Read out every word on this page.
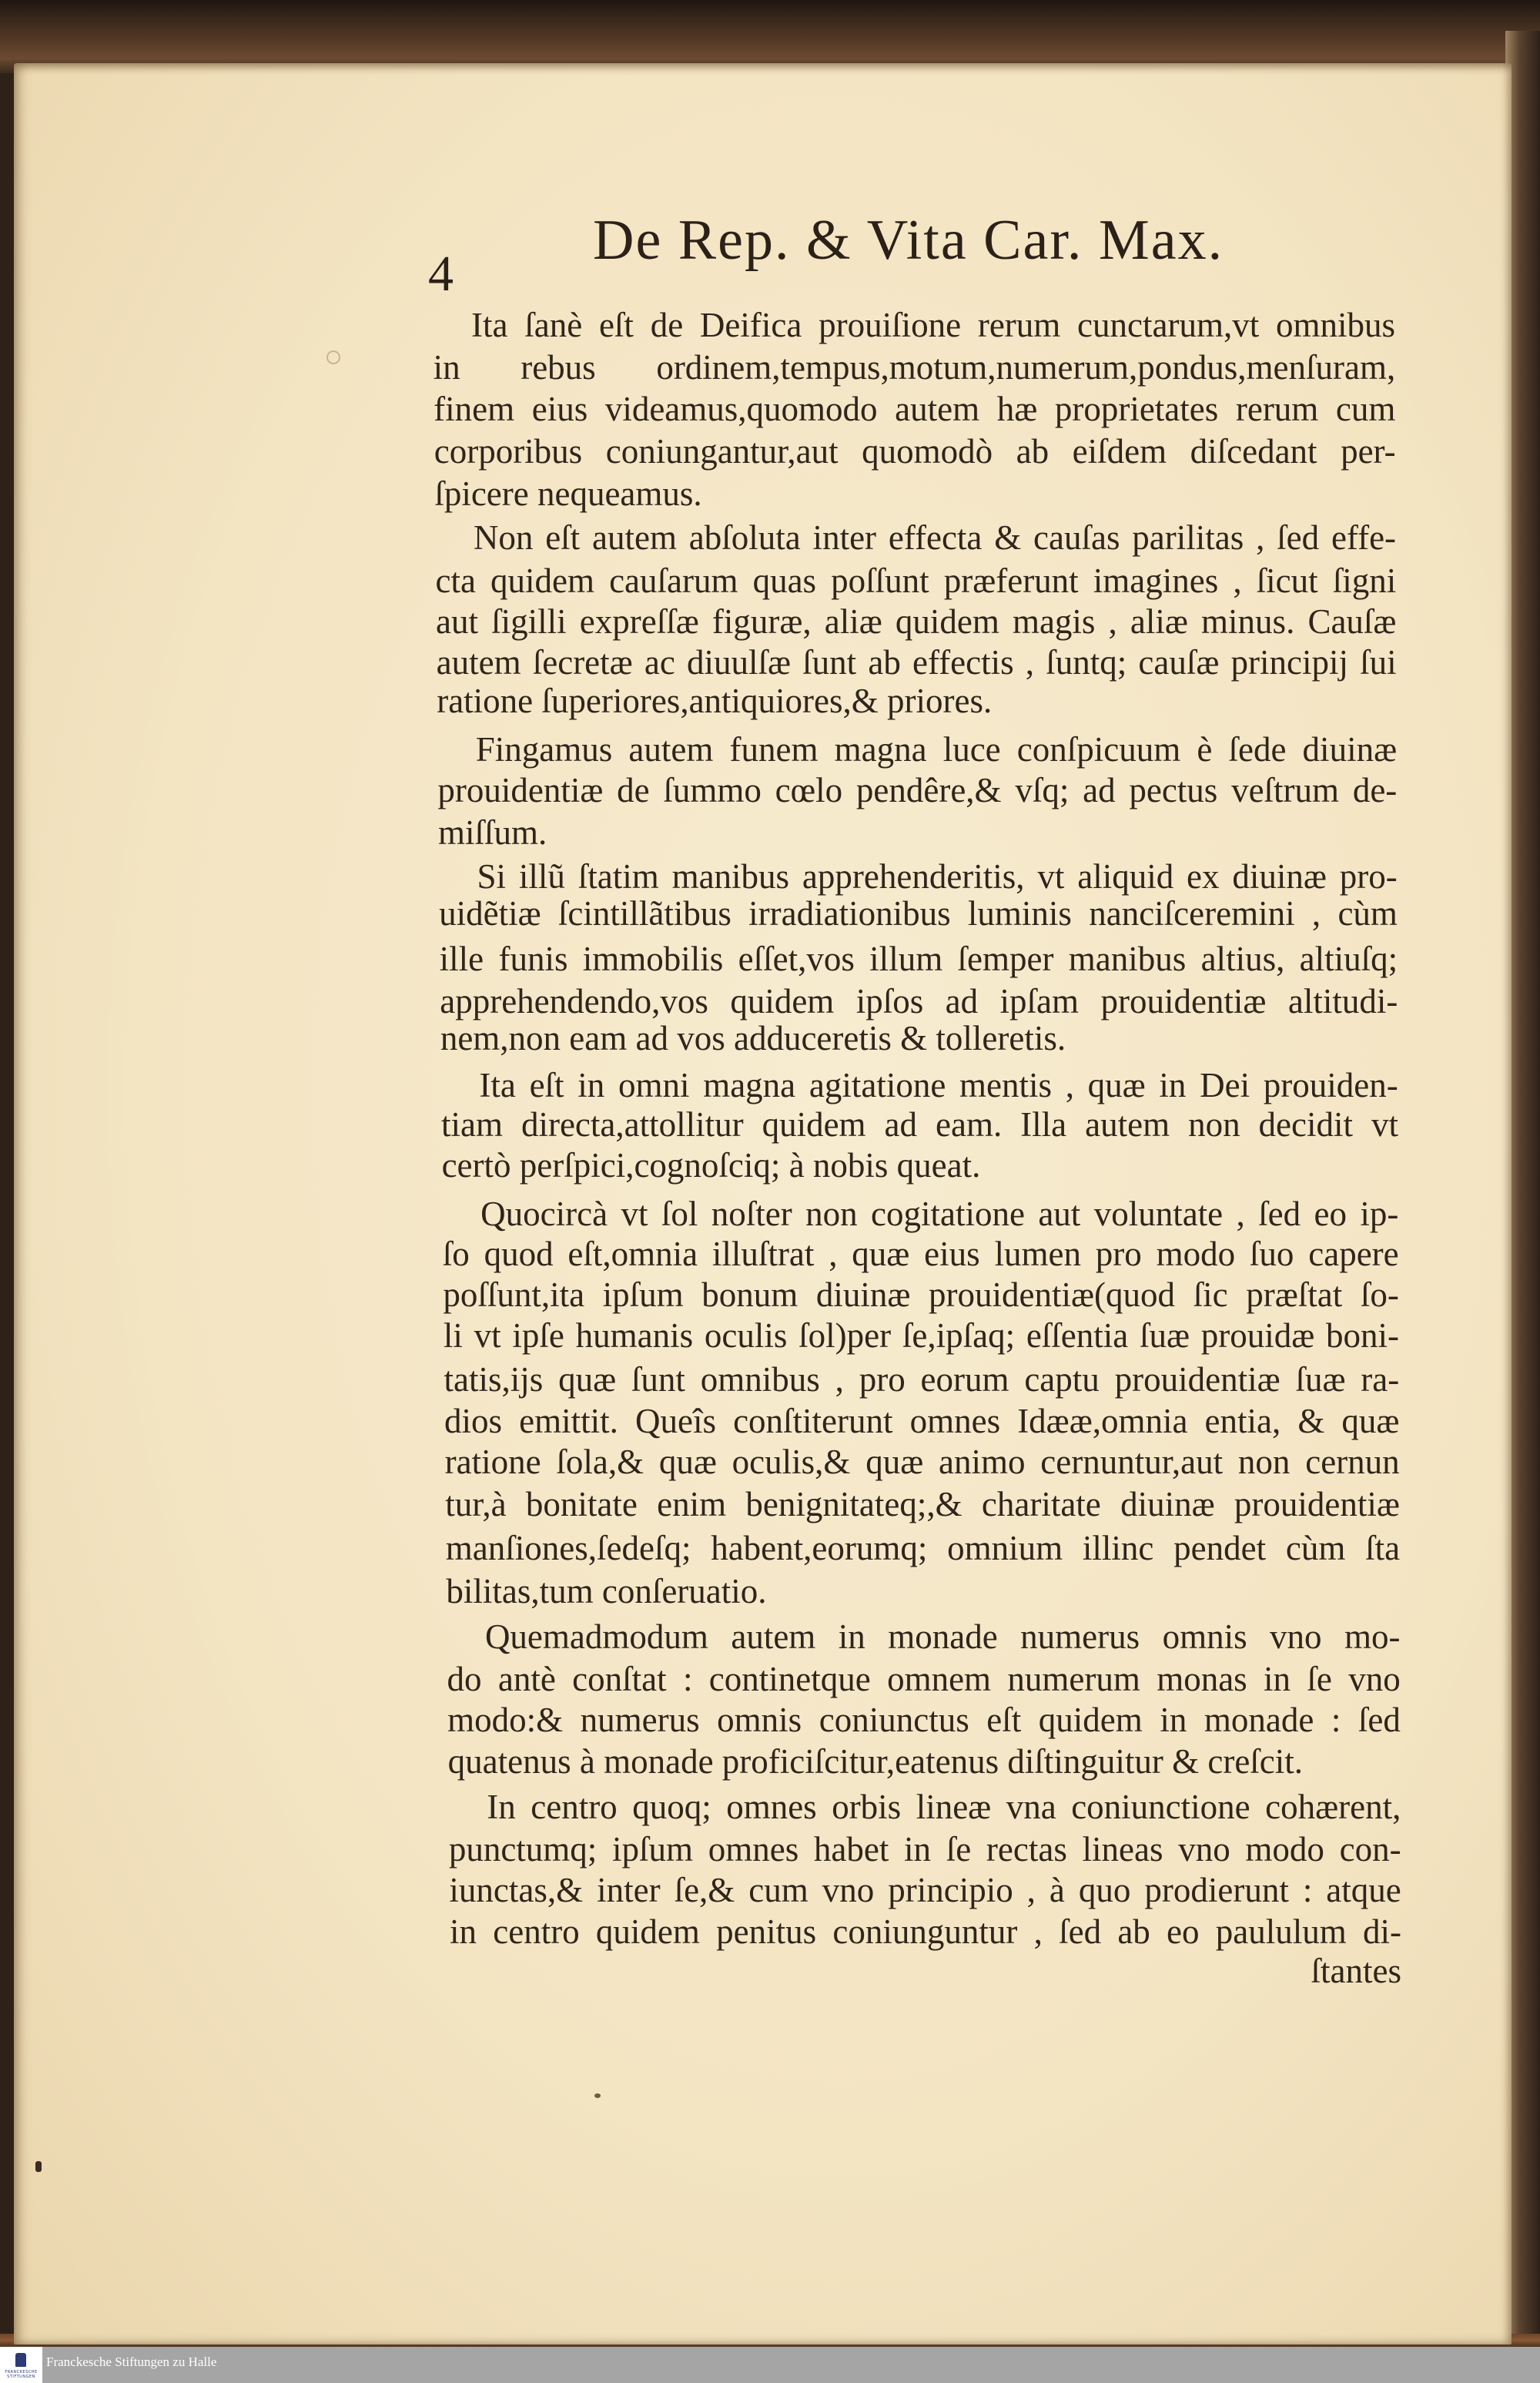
4
De Rep. & Vita Car. Max.
Ita ſanè eſt de Deifica prouiſione rerum cunctarum,vt omnibus
in rebus ordinem,tempus,motum,numerum,pondus,menſuram,
finem eius videamus,quomodo autem hæ proprietates rerum cum
corporibus coniungantur,aut quomodò ab eiſdem diſcedant per-
ſpicere nequeamus.
Non eſt autem abſoluta inter effecta & cauſas parilitas , ſed effe-
cta quidem cauſarum quas poſſunt præferunt imagines , ſicut ſigni
aut ſigilli expreſſæ figuræ, aliæ quidem magis , aliæ minus. Cauſæ
autem ſecretæ ac diuulſæ ſunt ab effectis , ſuntq; cauſæ principij ſui
ratione ſuperiores,antiquiores,& priores.
Fingamus autem funem magna luce conſpicuum è ſede diuinæ
prouidentiæ de ſummo cœlo pendêre,& vſq; ad pectus veſtrum de-
miſſum.
Si illũ ſtatim manibus apprehenderitis, vt aliquid ex diuinæ pro-
uidẽtiæ ſcintillãtibus irradiationibus luminis nanciſceremini , cùm
ille funis immobilis eſſet,vos illum ſemper manibus altius, altiuſq;
apprehendendo,vos quidem ipſos ad ipſam prouidentiæ altitudi-
nem,non eam ad vos adduceretis & tolleretis.
Ita eſt in omni magna agitatione mentis , quæ in Dei prouiden-
tiam directa,attollitur quidem ad eam. Illa autem non decidit vt
certò perſpici,cognoſciq; à nobis queat.
Quocircà vt ſol noſter non cogitatione aut voluntate , ſed eo ip-
ſo quod eſt,omnia illuſtrat , quæ eius lumen pro modo ſuo capere
poſſunt,ita ipſum bonum diuinæ prouidentiæ(quod ſic præſtat ſo-
li vt ipſe humanis oculis ſol)per ſe,ipſaq; eſſentia ſuæ prouidæ boni-
tatis,ijs quæ ſunt omnibus , pro eorum captu prouidentiæ ſuæ ra-
dios emittit. Queîs conſtiterunt omnes Idææ,omnia entia, & quæ
ratione ſola,& quæ oculis,& quæ animo cernuntur,aut non cernun
tur,à bonitate enim benignitateq;,& charitate diuinæ prouidentiæ
manſiones,ſedeſq; habent,eorumq; omnium illinc pendet cùm ſta
bilitas,tum conſeruatio.
Quemadmodum autem in monade numerus omnis vno mo-
do antè conſtat : continetque omnem numerum monas in ſe vno
modo:& numerus omnis coniunctus eſt quidem in monade : ſed
quatenus à monade proficiſcitur,eatenus diſtinguitur & creſcit.
In centro quoq; omnes orbis lineæ vna coniunctione cohærent,
punctumq; ipſum omnes habet in ſe rectas lineas vno modo con-
iunctas,& inter ſe,& cum vno principio , à quo prodierunt : atque
in centro quidem penitus coniunguntur , ſed ab eo paululum di-
ſtantes
FRANCKESCHE STIFTUNGEN
Franckesche Stiftungen zu Halle
